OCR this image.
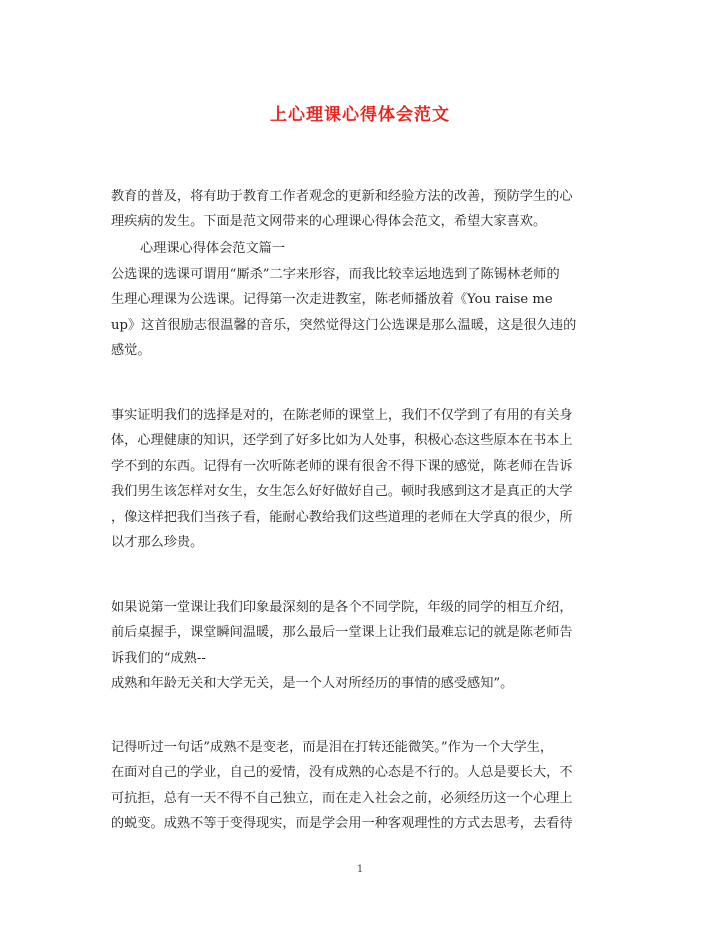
上心理课心得体会范文
教育的普及，将有助于教育工作者观念的更新和经验方法的改善，预防学生的心
理疾病的发生。下面是范文网带来的心理课心得体会范文，希望大家喜欢。
心理课心得体会范文篇一
公选课的选课可谓用“厮杀”二字来形容，而我比较幸运地选到了陈锡林老师的
生理心理课为公选课。记得第一次走进教室，陈老师播放着《You raise me
up》这首很励志很温馨的音乐，突然觉得这门公选课是那么温暖，这是很久违的
感觉。
事实证明我们的选择是对的，在陈老师的课堂上，我们不仅学到了有用的有关身
体，心理健康的知识，还学到了好多比如为人处事，积极心态这些原本在书本上
学不到的东西。记得有一次听陈老师的课有很舍不得下课的感觉，陈老师在告诉
我们男生该怎样对女生，女生怎么好好做好自己。顿时我感到这才是真正的大学
，像这样把我们当孩子看，能耐心教给我们这些道理的老师在大学真的很少，所
以才那么珍贵。
如果说第一堂课让我们印象最深刻的是各个不同学院，年级的同学的相互介绍，
前后桌握手，课堂瞬间温暖，那么最后一堂课上让我们最难忘记的就是陈老师告
诉我们的“成熟--
成熟和年龄无关和大学无关，是一个人对所经历的事情的感受感知”。
记得听过一句话”成熟不是变老，而是泪在打转还能微笑。”作为一个大学生，
在面对自己的学业，自己的爱情，没有成熟的心态是不行的。人总是要长大，不
可抗拒，总有一天不得不自己独立，而在走入社会之前，必须经历这一个心理上
的蜕变。成熟不等于变得现实，而是学会用一种客观理性的方式去思考，去看待
1
